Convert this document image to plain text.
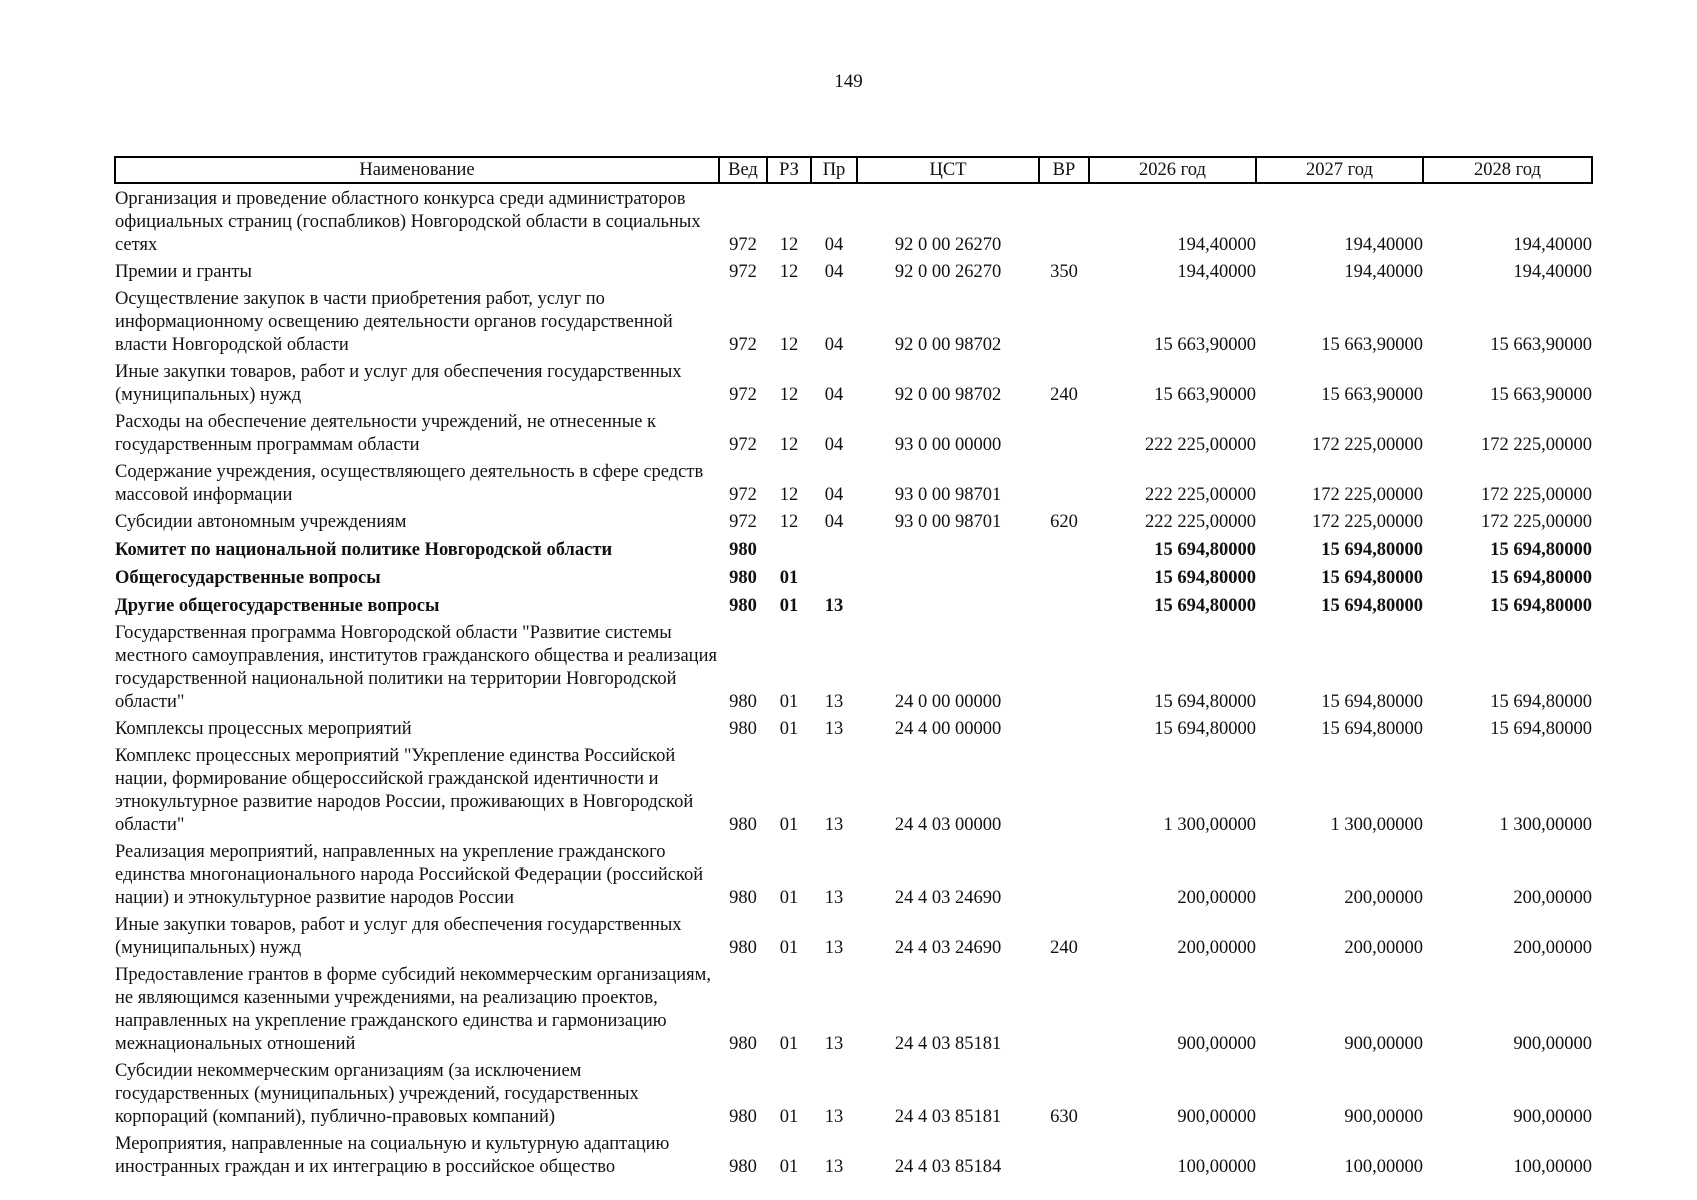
149
Наименование	Вед	РЗ	Пр	ЦСТ	ВР	2026 год	2027 год	2028 год
Организация и проведение областного конкурса среди администраторов официальных страниц (госпабликов) Новгородской области в социальных сетях	972	12	04	92 0 00 26270		194,40000	194,40000	194,40000
Премии и гранты	972	12	04	92 0 00 26270	350	194,40000	194,40000	194,40000
Осуществление закупок в части приобретения работ, услуг по информационному освещению деятельности органов государственной власти Новгородской области	972	12	04	92 0 00 98702		15 663,90000	15 663,90000	15 663,90000
Иные закупки товаров, работ и услуг для обеспечения государственных (муниципальных) нужд	972	12	04	92 0 00 98702	240	15 663,90000	15 663,90000	15 663,90000
Расходы на обеспечение деятельности учреждений, не отнесенные к государственным программам области	972	12	04	93 0 00 00000		222 225,00000	172 225,00000	172 225,00000
Содержание учреждения, осуществляющего деятельность в сфере средств массовой информации	972	12	04	93 0 00 98701		222 225,00000	172 225,00000	172 225,00000
Субсидии автономным учреждениям	972	12	04	93 0 00 98701	620	222 225,00000	172 225,00000	172 225,00000
Комитет по национальной политике Новгородской области	980					15 694,80000	15 694,80000	15 694,80000
Общегосударственные вопросы	980	01				15 694,80000	15 694,80000	15 694,80000
Другие общегосударственные вопросы	980	01	13			15 694,80000	15 694,80000	15 694,80000
Государственная программа Новгородской области "Развитие системы местного самоуправления, институтов гражданского общества и реализация государственной национальной политики на территории Новгородской области"	980	01	13	24 0 00 00000		15 694,80000	15 694,80000	15 694,80000
Комплексы процессных мероприятий	980	01	13	24 4 00 00000		15 694,80000	15 694,80000	15 694,80000
Комплекс процессных мероприятий "Укрепление единства Российской нации, формирование общероссийской гражданской идентичности и этнокультурное развитие народов России, проживающих в Новгородской области"	980	01	13	24 4 03 00000		1 300,00000	1 300,00000	1 300,00000
Реализация мероприятий, направленных на укрепление гражданского единства многонационального народа Российской Федерации (российской нации) и этнокультурное развитие народов России	980	01	13	24 4 03 24690		200,00000	200,00000	200,00000
Иные закупки товаров, работ и услуг для обеспечения государственных (муниципальных) нужд	980	01	13	24 4 03 24690	240	200,00000	200,00000	200,00000
Предоставление грантов в форме субсидий некоммерческим организациям, не являющимся казенными учреждениями, на реализацию проектов, направленных на укрепление гражданского единства и гармонизацию межнациональных отношений	980	01	13	24 4 03 85181		900,00000	900,00000	900,00000
Субсидии некоммерческим организациям (за исключением государственных (муниципальных) учреждений, государственных корпораций (компаний), публично-правовых компаний)	980	01	13	24 4 03 85181	630	900,00000	900,00000	900,00000
Мероприятия, направленные на социальную и культурную адаптацию иностранных граждан и их интеграцию в российское общество	980	01	13	24 4 03 85184		100,00000	100,00000	100,00000
